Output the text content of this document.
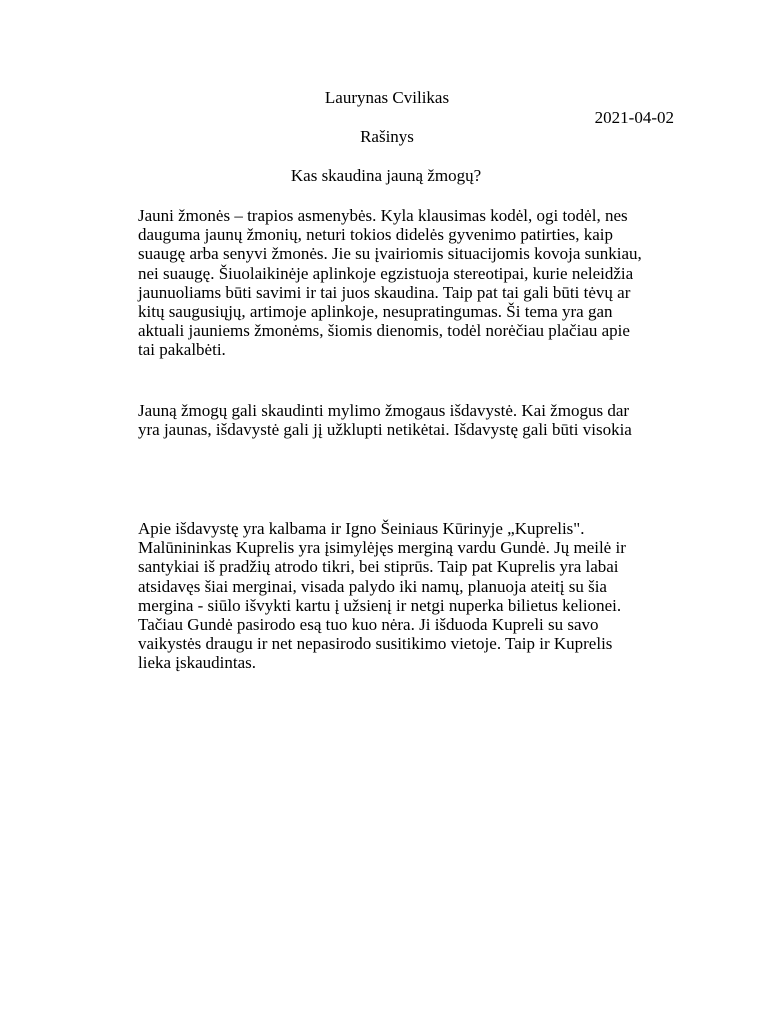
Laurynas Cvilikas
2021-04-02
Rašinys
Kas skaudina jauną žmogų?

Jauni žmonės – trapios asmenybės. Kyla klausimas kodėl, ogi todėl, nes
dauguma jaunų žmonių, neturi tokios didelės gyvenimo patirties, kaip
suaugę arba senyvi žmonės. Jie su įvairiomis situacijomis kovoja sunkiau,
nei suaugę. Šiuolaikinėje aplinkoje egzistuoja stereotipai, kurie neleidžia
jaunuoliams būti savimi ir tai juos skaudina. Taip pat tai gali būti tėvų ar
kitų saugusiųjų, artimoje aplinkoje, nesupratingumas. Ši tema yra gan
aktuali jauniems žmonėms, šiomis dienomis, todėl norėčiau plačiau apie
tai pakalbėti.

Jauną žmogų gali skaudinti mylimo žmogaus išdavystė. Kai žmogus dar
yra jaunas, išdavystė gali jį užklupti netikėtai. Išdavystę gali būti visokia

Apie išdavystę yra kalbama ir Igno Šeiniaus Kūrinyje „Kuprelis".
Malūnininkas Kuprelis yra įsimylėjęs merginą vardu Gundė. Jų meilė ir
santykiai iš pradžių atrodo tikri, bei stiprūs. Taip pat Kuprelis yra labai
atsidavęs šiai merginai, visada palydo iki namų, planuoja ateitį su šia
mergina - siūlo išvykti kartu į užsienį ir netgi nuperka bilietus kelionei.
Tačiau Gundė pasirodo esą tuo kuo nėra. Ji išduoda Kupreli su savo
vaikystės draugu ir net nepasirodo susitikimo vietoje. Taip ir Kuprelis
lieka įskaudintas.
